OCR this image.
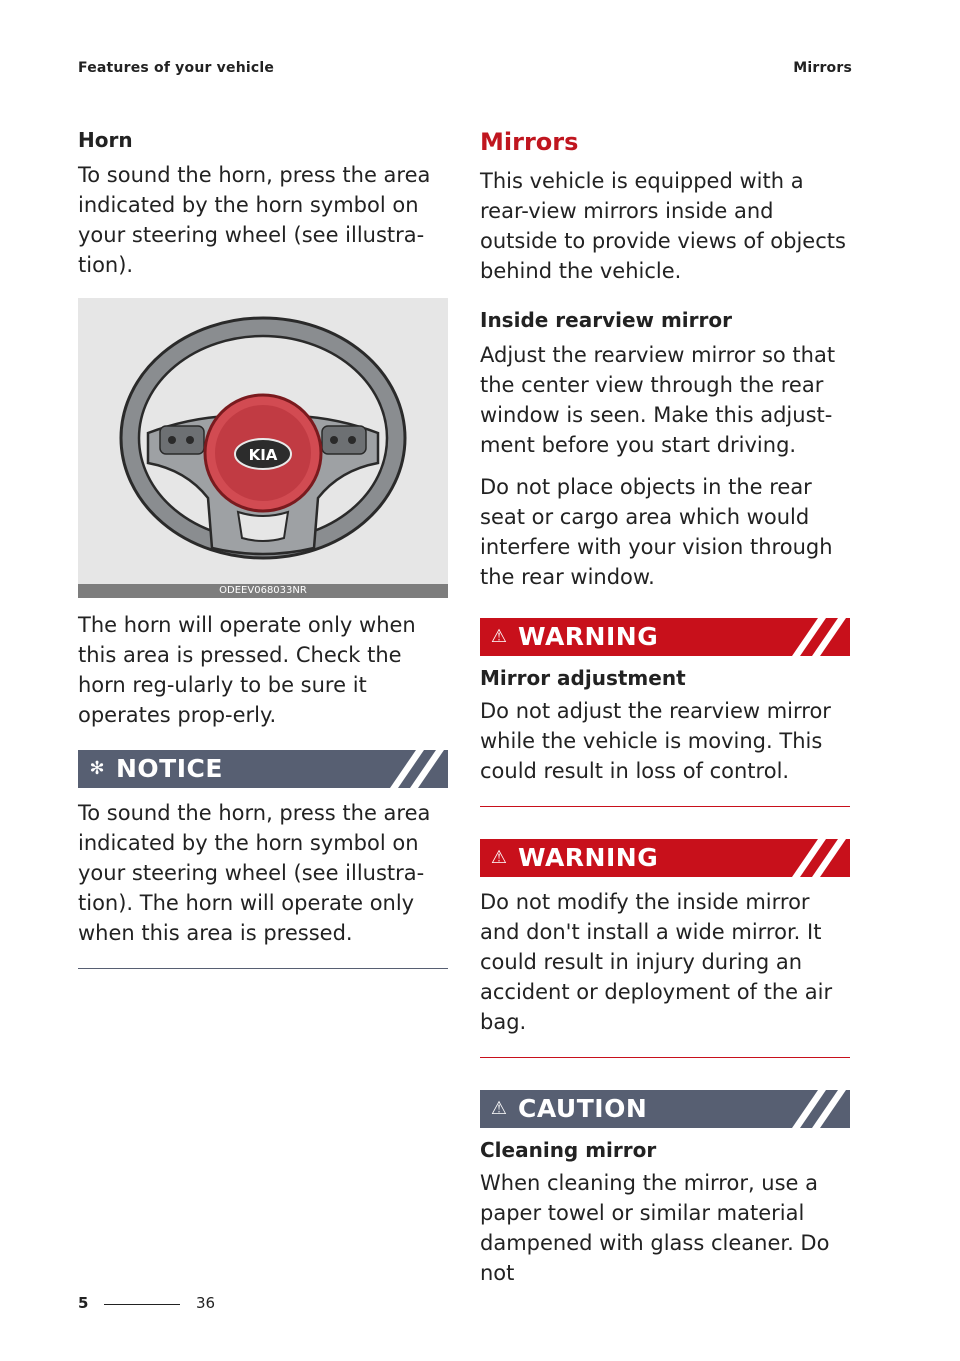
Features of your vehicle	Mirrors
Horn

To sound the horn, press the area indicated by the horn symbol on your steering wheel (see illustra-tion).

KIA
ODEEV068033NR

The horn will operate only when this area is pressed. Check the horn reg-ularly to be sure it operates prop-erly.

✻ NOTICE

To sound the horn, press the area indicated by the horn symbol on your steering wheel (see illustra-tion). The horn will operate only when this area is pressed.

Mirrors

This vehicle is equipped with a rear-view mirrors inside and outside to provide views of objects behind the vehicle.

Inside rearview mirror

Adjust the rearview mirror so that the center view through the rear window is seen. Make this adjust-ment before you start driving.

Do not place objects in the rear seat or cargo area which would interfere with your vision through the rear window.

⚠ WARNING
Mirror adjustment

Do not adjust the rearview mirror while the vehicle is moving. This could result in loss of control.

⚠ WARNING

Do not modify the inside mirror and don't install a wide mirror. It could result in injury during an accident or deployment of the air bag.

⚠ CAUTION
Cleaning mirror

When cleaning the mirror, use a paper towel or similar material dampened with glass cleaner. Do not

5	36
